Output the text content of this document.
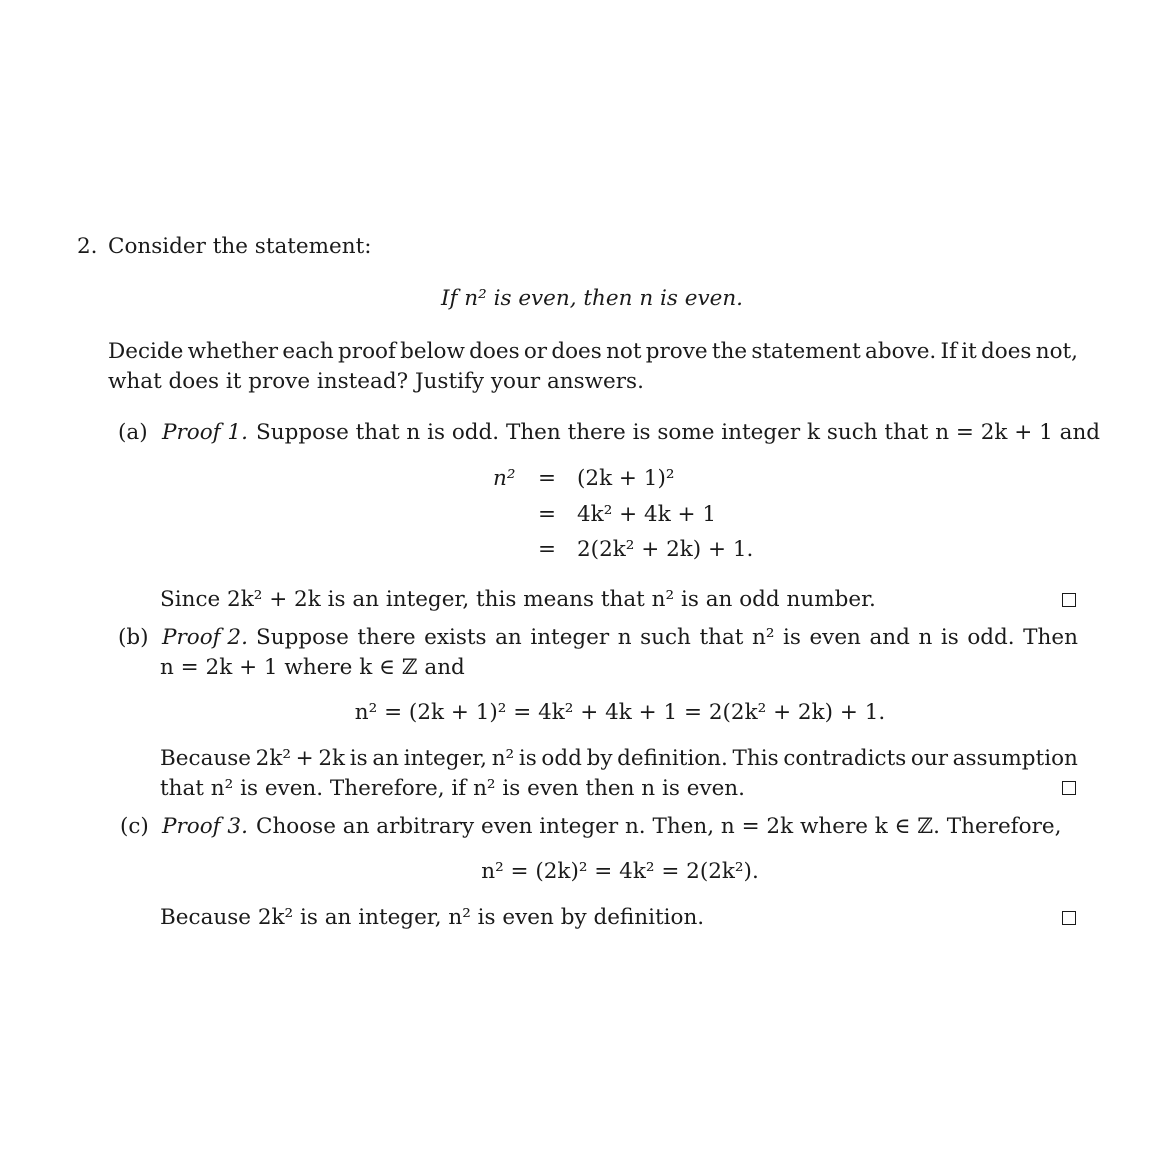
2. Consider the statement:
If n² is even, then n is even.
Decide whether each proof below does or does not prove the statement above. If it does not,
what does it prove instead? Justify your answers.
(a) Proof 1. Suppose that n is odd. Then there is some integer k such that n = 2k + 1 and
n² =
=
=
(2k + 1)²
4k² + 4k + 1
2(2k² + 2k) + 1.
Since 2k² + 2k is an integer, this means that n² is an odd number.
(b) Proof 2. Suppose there exists an integer n such that n² is even and n is odd. Then
n = 2k + 1 where k ∈ ℤ and
n² = (2k + 1)² = 4k² + 4k + 1 = 2(2k² + 2k) + 1.
Because 2k² + 2k is an integer, n² is odd by definition. This contradicts our assumption
that n² is even. Therefore, if n² is even then n is even.
(c) Proof 3. Choose an arbitrary even integer n. Then, n = 2k where k ∈ ℤ. Therefore,
n² = (2k)² = 4k² = 2(2k²).
Because 2k² is an integer, n² is even by definition.
